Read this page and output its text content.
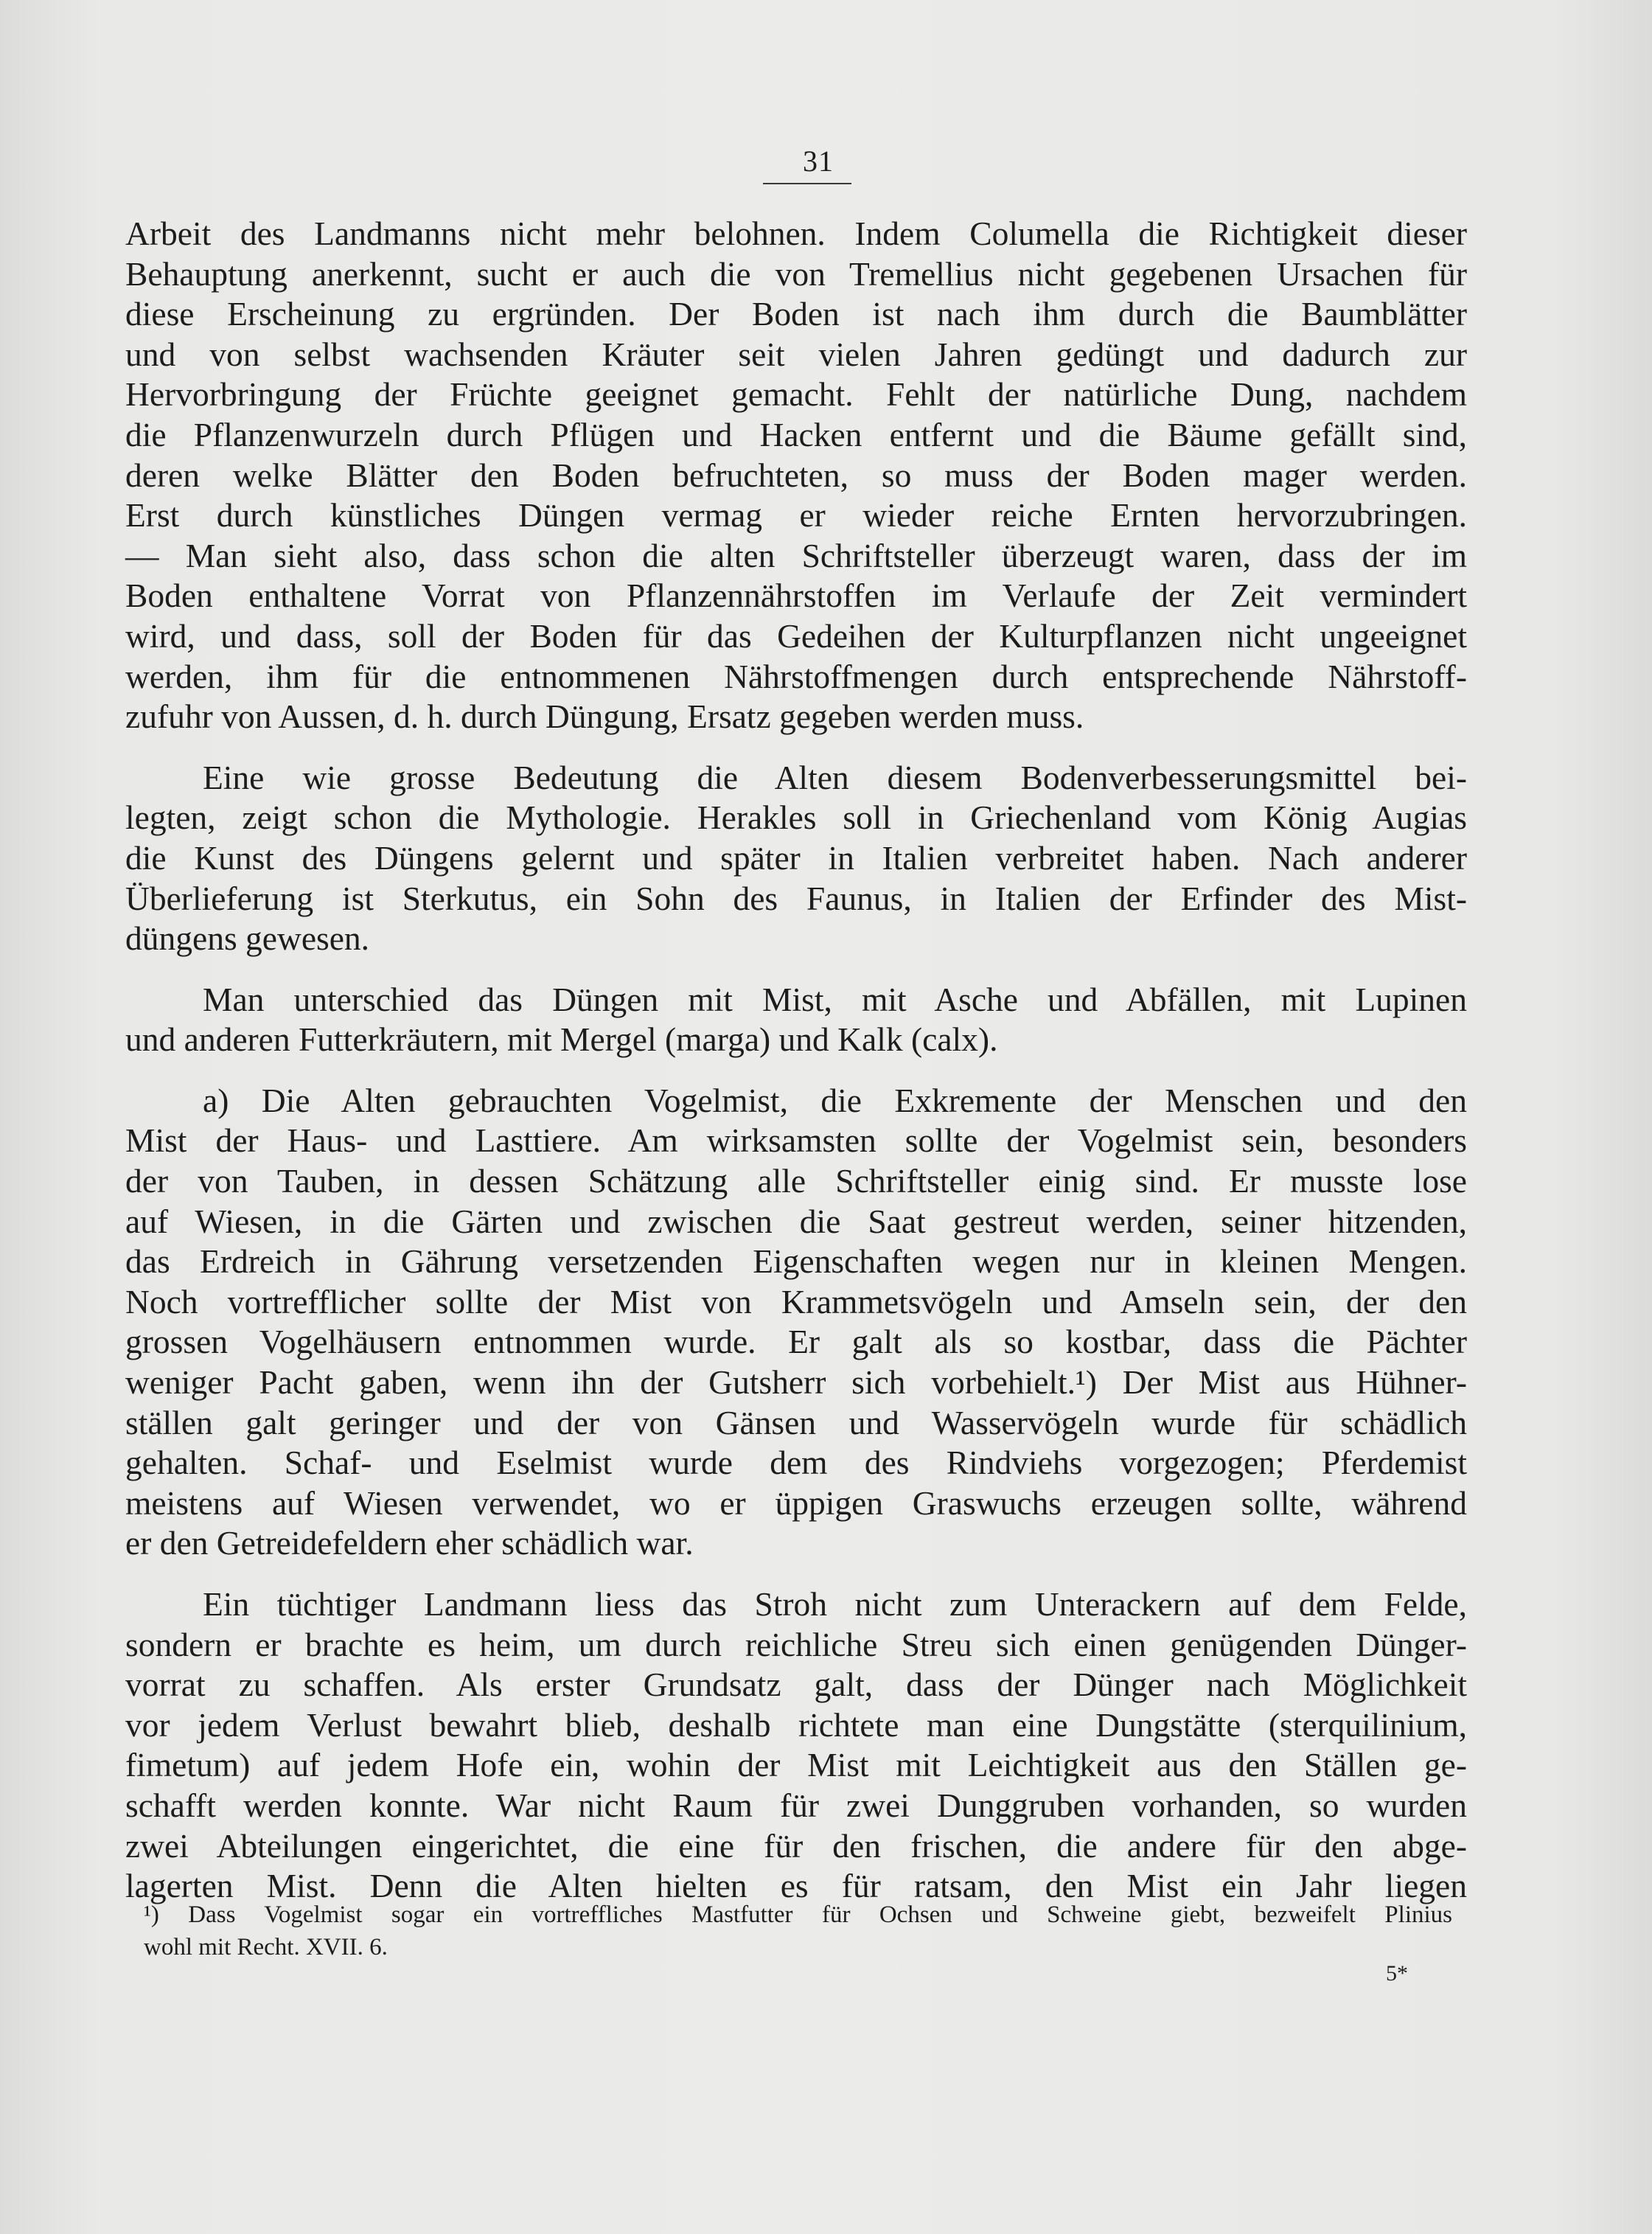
31
Arbeit des Landmanns nicht mehr belohnen. Indem Columella die Richtigkeit dieser
Behauptung anerkennt, sucht er auch die von Tremellius nicht gegebenen Ursachen für
diese Erscheinung zu ergründen. Der Boden ist nach ihm durch die Baumblätter
und von selbst wachsenden Kräuter seit vielen Jahren gedüngt und dadurch zur
Hervorbringung der Früchte geeignet gemacht. Fehlt der natürliche Dung, nachdem
die Pflanzenwurzeln durch Pflügen und Hacken entfernt und die Bäume gefällt sind,
deren welke Blätter den Boden befruchteten, so muss der Boden mager werden.
Erst durch künstliches Düngen vermag er wieder reiche Ernten hervorzubringen.
— Man sieht also, dass schon die alten Schriftsteller überzeugt waren, dass der im
Boden enthaltene Vorrat von Pflanzennährstoffen im Verlaufe der Zeit vermindert
wird, und dass, soll der Boden für das Gedeihen der Kulturpflanzen nicht ungeeignet
werden, ihm für die entnommenen Nährstoffmengen durch entsprechende Nährstoff-
zufuhr von Aussen, d. h. durch Düngung, Ersatz gegeben werden muss.
Eine wie grosse Bedeutung die Alten diesem Bodenverbesserungsmittel bei-
legten, zeigt schon die Mythologie. Herakles soll in Griechenland vom König Augias
die Kunst des Düngens gelernt und später in Italien verbreitet haben. Nach anderer
Überlieferung ist Sterkutus, ein Sohn des Faunus, in Italien der Erfinder des Mist-
düngens gewesen.
Man unterschied das Düngen mit Mist, mit Asche und Abfällen, mit Lupinen
und anderen Futterkräutern, mit Mergel (marga) und Kalk (calx).
a) Die Alten gebrauchten Vogelmist, die Exkremente der Menschen und den
Mist der Haus- und Lasttiere. Am wirksamsten sollte der Vogelmist sein, besonders
der von Tauben, in dessen Schätzung alle Schriftsteller einig sind. Er musste lose
auf Wiesen, in die Gärten und zwischen die Saat gestreut werden, seiner hitzenden,
das Erdreich in Gährung versetzenden Eigenschaften wegen nur in kleinen Mengen.
Noch vortrefflicher sollte der Mist von Krammetsvögeln und Amseln sein, der den
grossen Vogelhäusern entnommen wurde. Er galt als so kostbar, dass die Pächter
weniger Pacht gaben, wenn ihn der Gutsherr sich vorbehielt.¹) Der Mist aus Hühner-
ställen galt geringer und der von Gänsen und Wasservögeln wurde für schädlich
gehalten. Schaf- und Eselmist wurde dem des Rindviehs vorgezogen; Pferdemist
meistens auf Wiesen verwendet, wo er üppigen Graswuchs erzeugen sollte, während
er den Getreidefeldern eher schädlich war.
Ein tüchtiger Landmann liess das Stroh nicht zum Unterackern auf dem Felde,
sondern er brachte es heim, um durch reichliche Streu sich einen genügenden Dünger-
vorrat zu schaffen. Als erster Grundsatz galt, dass der Dünger nach Möglichkeit
vor jedem Verlust bewahrt blieb, deshalb richtete man eine Dungstätte (sterquilinium,
fimetum) auf jedem Hofe ein, wohin der Mist mit Leichtigkeit aus den Ställen ge-
schafft werden konnte. War nicht Raum für zwei Dunggruben vorhanden, so wurden
zwei Abteilungen eingerichtet, die eine für den frischen, die andere für den abge-
lagerten Mist. Denn die Alten hielten es für ratsam, den Mist ein Jahr liegen
¹) Dass Vogelmist sogar ein vortreffliches Mastfutter für Ochsen und Schweine giebt, bezweifelt Plinius
wohl mit Recht. XVII. 6.
5*
